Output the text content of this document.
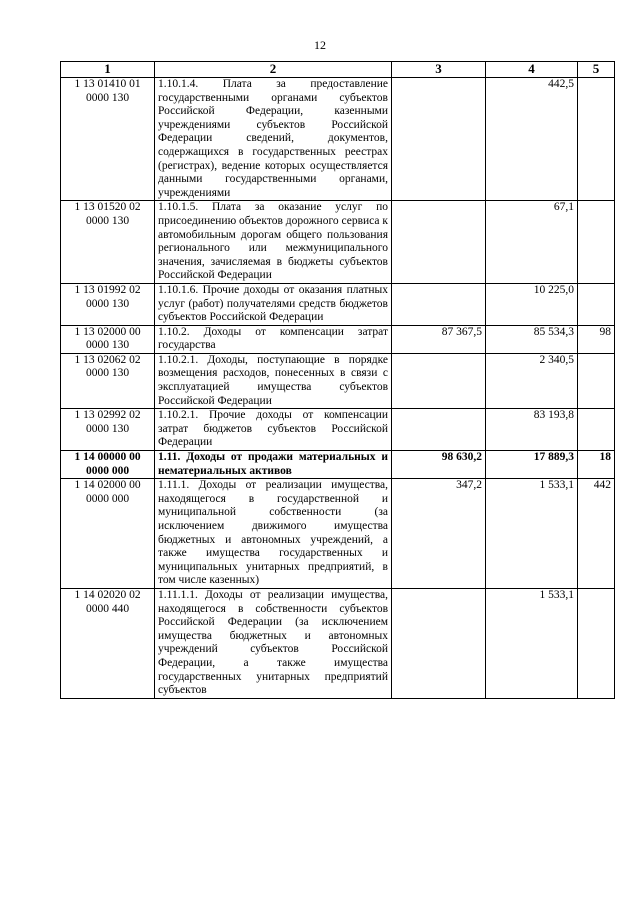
12
1	2	3	4	5
1 13 01410 01 0000 130	1.10.1.4. Плата за предоставление государственными органами субъектов Российской Федерации, казенными учреждениями субъектов Российской Федерации сведений, документов, содержащихся в государственных реестрах (регистрах), ведение которых осуществляется данными государственными органами, учреждениями		442,5	
1 13 01520 02 0000 130	1.10.1.5. Плата за оказание услуг по присоединению объектов дорожного сервиса к автомобильным дорогам общего пользования регионального или межмуниципального значения, зачисляемая в бюджеты субъектов Российской Федерации		67,1	
1 13 01992 02 0000 130	1.10.1.6. Прочие доходы от оказания платных услуг (работ) получателями средств бюджетов субъектов Российской Федерации		10 225,0	
1 13 02000 00 0000 130	1.10.2. Доходы от компенсации затрат государства	87 367,5	85 534,3	98
1 13 02062 02 0000 130	1.10.2.1. Доходы, поступающие в порядке возмещения расходов, понесенных в связи с эксплуатацией имущества субъектов Российской Федерации		2 340,5	
1 13 02992 02 0000 130	1.10.2.1. Прочие доходы от компенсации затрат бюджетов субъектов Российской Федерации		83 193,8	
1 14 00000 00 0000 000	1.11. Доходы от продажи материальных и нематериальных активов	98 630,2	17 889,3	18
1 14 02000 00 0000 000	1.11.1. Доходы от реализации имущества, находящегося в государственной и муниципальной собственности (за исключением движимого имущества бюджетных и автономных учреждений, а также имущества государственных и муниципальных унитарных предприятий, в том числе казенных)	347,2	1 533,1	442
1 14 02020 02 0000 440	1.11.1.1. Доходы от реализации имущества, находящегося в собственности субъектов Российской Федерации (за исключением имущества бюджетных и автономных учреждений субъектов Российской Федерации, а также имущества государственных унитарных предприятий субъектов		1 533,1	
